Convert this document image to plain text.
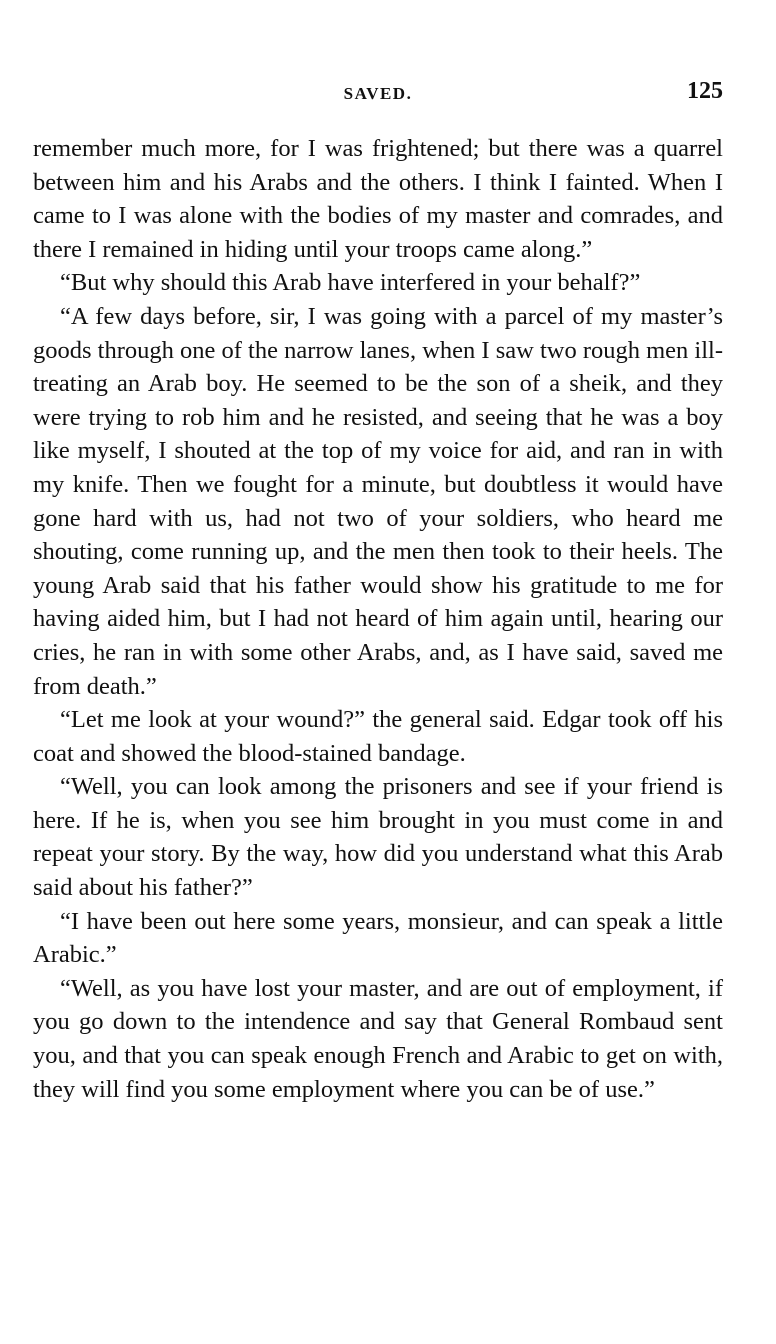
SAVED.	125

remember much more, for I was frightened; but there was a quarrel between him and his Arabs and the others. I think I fainted. When I came to I was alone with the bodies of my master and comrades, and there I remained in hiding until your troops came along.”

“But why should this Arab have interfered in your behalf?”

“A few days before, sir, I was going with a parcel of my master’s goods through one of the narrow lanes, when I saw two rough men ill-treating an Arab boy. He seemed to be the son of a sheik, and they were trying to rob him and he resisted, and seeing that he was a boy like myself, I shouted at the top of my voice for aid, and ran in with my knife. Then we fought for a minute, but doubtless it would have gone hard with us, had not two of your soldiers, who heard me shouting, come running up, and the men then took to their heels. The young Arab said that his father would show his gratitude to me for having aided him, but I had not heard of him again until, hearing our cries, he ran in with some other Arabs, and, as I have said, saved me from death.”

“Let me look at your wound?” the general said. Edgar took off his coat and showed the blood-stained bandage.

“Well, you can look among the prisoners and see if your friend is here. If he is, when you see him brought in you must come in and repeat your story. By the way, how did you understand what this Arab said about his father?”

“I have been out here some years, monsieur, and can speak a little Arabic.”

“Well, as you have lost your master, and are out of employment, if you go down to the intendence and say that General Rombaud sent you, and that you can speak enough French and Arabic to get on with, they will find you some employment where you can be of use.”
